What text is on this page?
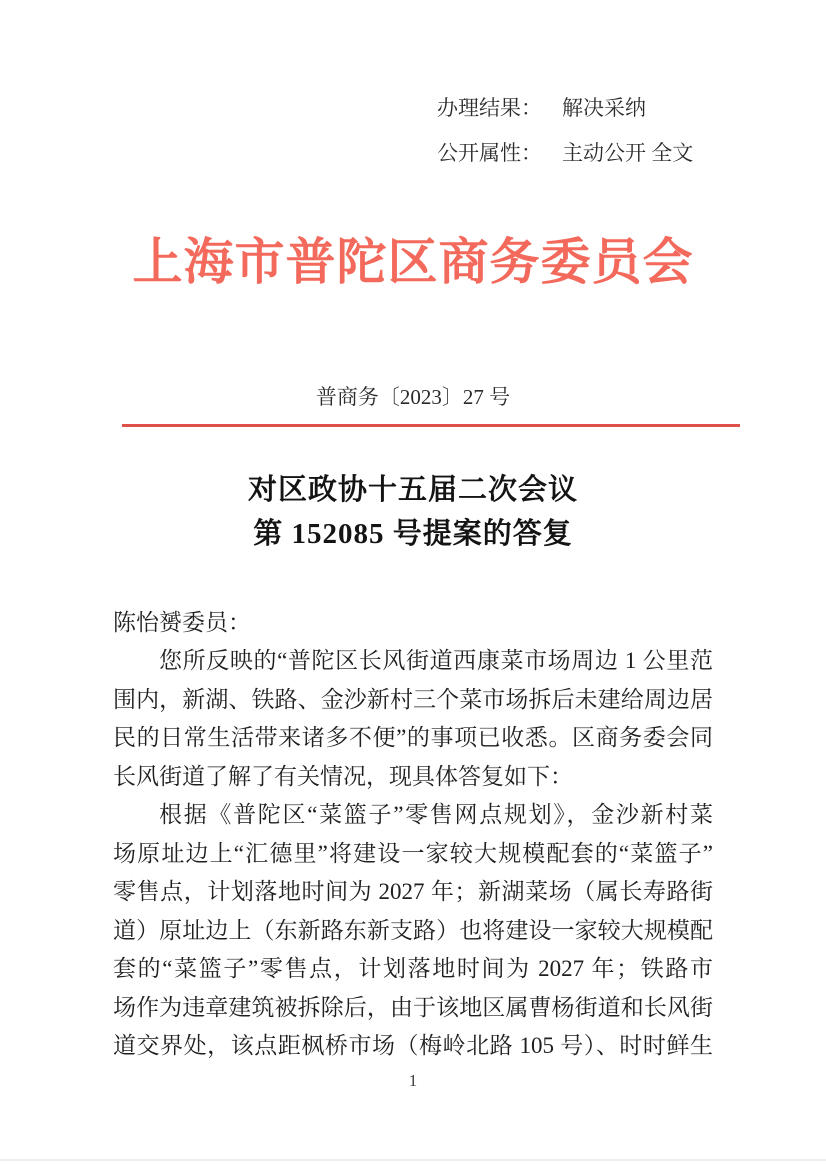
办理结果： 解决采纳
公开属性： 主动公开 全文
上海市普陀区商务委员会
普商务〔2023〕27 号
对区政协十五届二次会议
第 152085 号提案的答复
陈怡赟委员：
您所反映的“普陀区长风街道西康菜市场周边 1 公里范
围内，新湖、铁路、金沙新村三个菜市场拆后未建给周边居
民的日常生活带来诸多不便”的事项已收悉。区商务委会同
长风街道了解了有关情况，现具体答复如下：
根据《普陀区“菜篮子”零售网点规划》，金沙新村菜
场原址边上“汇德里”将建设一家较大规模配套的“菜篮子”
零售点，计划落地时间为 2027 年；新湖菜场（属长寿路街
道）原址边上（东新路东新支路）也将建设一家较大规模配
套的“菜篮子”零售点，计划落地时间为 2027 年；铁路市
场作为违章建筑被拆除后，由于该地区属曹杨街道和长风街
道交界处，该点距枫桥市场（梅岭北路 105 号）、时时鲜生
1
